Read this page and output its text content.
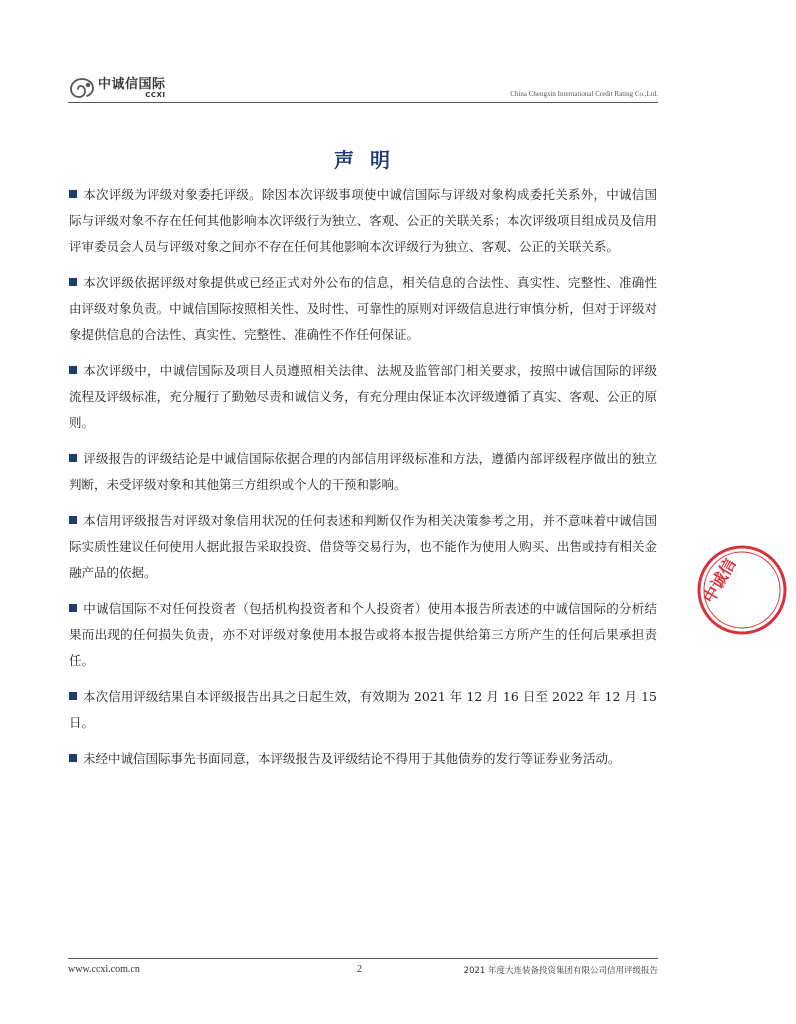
中诚信国际
CCXI	China Chengxin International Credit Rating Co.,Ltd.
声明
本次评级为评级对象委托评级。除因本次评级事项使中诚信国际与评级对象构成委托关系外，中诚信国际与评级对象不存在任何其他影响本次评级行为独立、客观、公正的关联关系；本次评级项目组成员及信用评审委员会人员与评级对象之间亦不存在任何其他影响本次评级行为独立、客观、公正的关联关系。
本次评级依据评级对象提供或已经正式对外公布的信息，相关信息的合法性、真实性、完整性、准确性由评级对象负责。中诚信国际按照相关性、及时性、可靠性的原则对评级信息进行审慎分析，但对于评级对象提供信息的合法性、真实性、完整性、准确性不作任何保证。
本次评级中，中诚信国际及项目人员遵照相关法律、法规及监管部门相关要求，按照中诚信国际的评级流程及评级标准，充分履行了勤勉尽责和诚信义务，有充分理由保证本次评级遵循了真实、客观、公正的原则。
评级报告的评级结论是中诚信国际依据合理的内部信用评级标准和方法，遵循内部评级程序做出的独立判断，未受评级对象和其他第三方组织或个人的干预和影响。
本信用评级报告对评级对象信用状况的任何表述和判断仅作为相关决策参考之用，并不意味着中诚信国际实质性建议任何使用人据此报告采取投资、借贷等交易行为，也不能作为使用人购买、出售或持有相关金融产品的依据。
中诚信国际不对任何投资者（包括机构投资者和个人投资者）使用本报告所表述的中诚信国际的分析结果而出现的任何损失负责，亦不对评级对象使用本报告或将本报告提供给第三方所产生的任何后果承担责任。
本次信用评级结果自本评级报告出具之日起生效，有效期为 2021 年 12 月 16 日至 2022 年 12 月 15 日。
未经中诚信国际事先书面同意，本评级报告及评级结论不得用于其他债券的发行等证券业务活动。
中诚信
www.ccxi.com.cn	2	2021 年度大连装备投资集团有限公司信用评级报告
